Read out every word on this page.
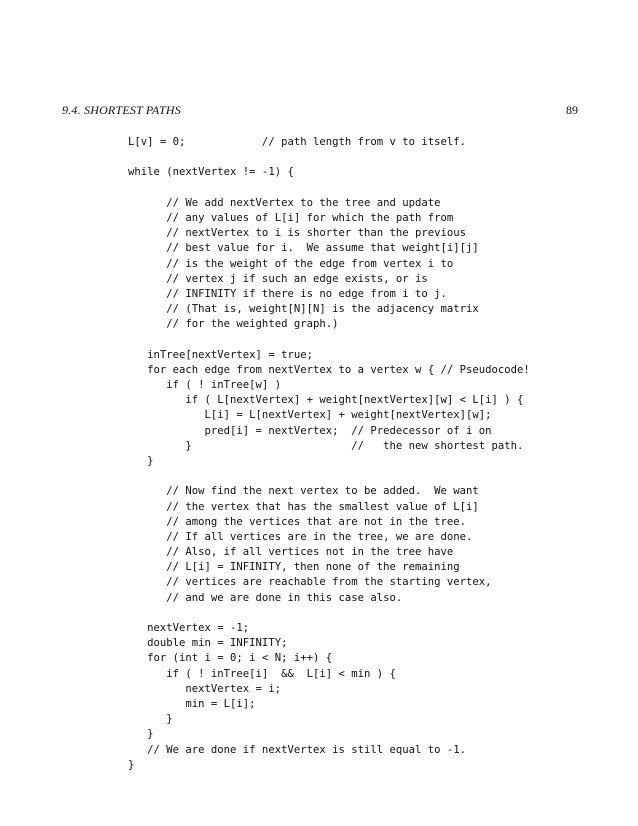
9.4. SHORTEST PATHS	89
L[v] = 0;            // path length from v to itself.
while (nextVertex != -1) {
// We add nextVertex to the tree and update
// any values of L[i] for which the path from
// nextVertex to i is shorter than the previous
// best value for i.  We assume that weight[i][j]
// is the weight of the edge from vertex i to
// vertex j if such an edge exists, or is
// INFINITY if there is no edge from i to j.
// (That is, weight[N][N] is the adjacency matrix
// for the weighted graph.)
inTree[nextVertex] = true;
for each edge from nextVertex to a vertex w { // Pseudocode!
if ( ! inTree[w] )
if ( L[nextVertex] + weight[nextVertex][w] < L[i] ) {
L[i] = L[nextVertex] + weight[nextVertex][w];
pred[i] = nextVertex;  // Predecessor of i on
}                         //   the new shortest path.
}
// Now find the next vertex to be added.  We want
// the vertex that has the smallest value of L[i]
// among the vertices that are not in the tree.
// If all vertices are in the tree, we are done.
// Also, if all vertices not in the tree have
// L[i] = INFINITY, then none of the remaining
// vertices are reachable from the starting vertex,
// and we are done in this case also.
nextVertex = -1;
double min = INFINITY;
for (int i = 0; i < N; i++) {
if ( ! inTree[i]  &&  L[i] < min ) {
nextVertex = i;
min = L[i];
}
}
// We are done if nextVertex is still equal to -1.
}
